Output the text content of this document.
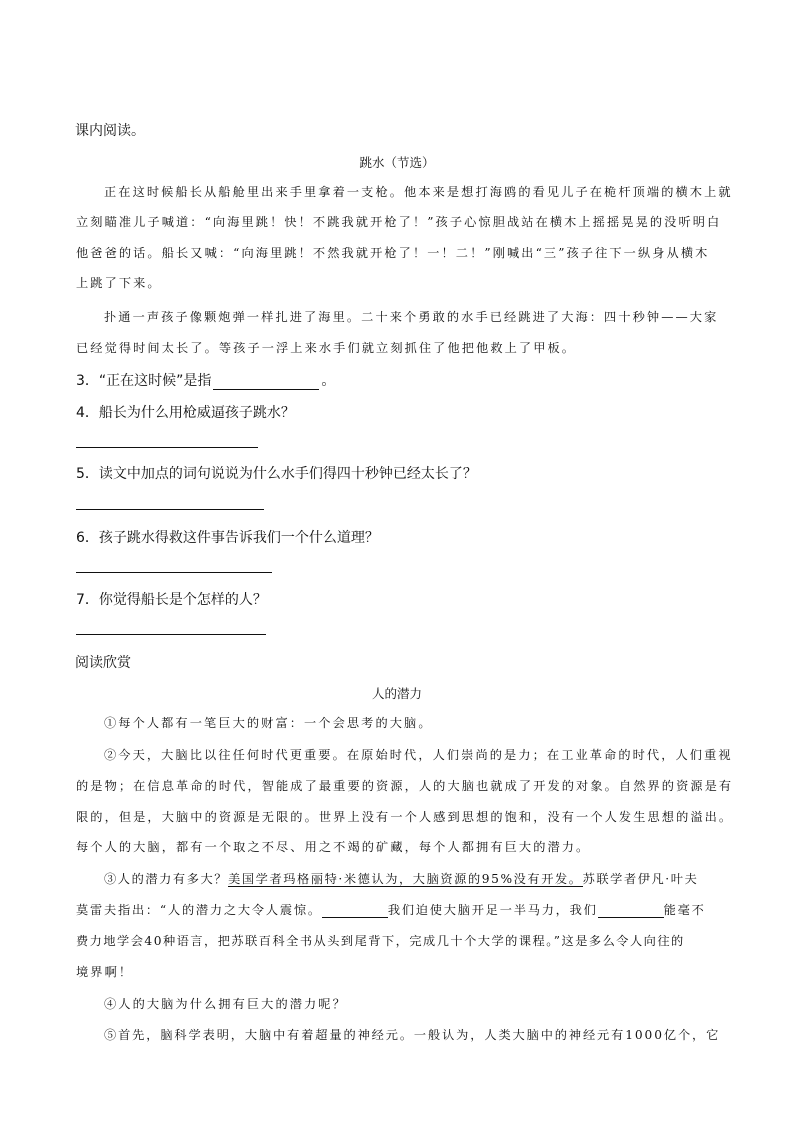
课内阅读。
跳水（节选）
正在这时候船长从船舱里出来手里拿着一支枪。他本来是想打海鸥的看见儿子在桅杆顶端的横木上就
立刻瞄准儿子喊道：“向海里跳！快！不跳我就开枪了！”孩子心惊胆战站在横木上摇摇晃晃的没听明白
他爸爸的话。船长又喊：“向海里跳！不然我就开枪了！一！二！”刚喊出“三”孩子往下一纵身从横木
上跳了下来。
扑通一声孩子像颗炮弹一样扎进了海里。二十来个勇敢的水手已经跳进了大海：四十秒钟——大家
已经觉得时间太长了。等孩子一浮上来水手们就立刻抓住了他把他救上了甲板。
3．“正在这时候”是指	。
4．船长为什么用枪威逼孩子跳水？
5．读文中加点的词句说说为什么水手们得四十秒钟已经太长了？
6．孩子跳水得救这件事告诉我们一个什么道理？
7．你觉得船长是个怎样的人？
阅读欣赏
人的潜力
①每个人都有一笔巨大的财富：一个会思考的大脑。
②今天，大脑比以往任何时代更重要。在原始时代，人们崇尚的是力；在工业革命的时代，人们重视
的是物；在信息革命的时代，智能成了最重要的资源，人的大脑也就成了开发的对象。自然界的资源是有
限的，但是，大脑中的资源是无限的。世界上没有一个人感到思想的饱和，没有一个人发生思想的溢出。
每个人的大脑，都有一个取之不尽、用之不竭的矿藏，每个人都拥有巨大的潜力。
③人的潜力有多大？美国学者玛格丽特·米德认为，大脑资源的95%没有开发。苏联学者伊凡·叶夫
莫雷夫指出：“人的潜力之大令人震惊。	我们迫使大脑开足一半马力，我们	能毫不
费力地学会40种语言，把苏联百科全书从头到尾背下，完成几十个大学的课程。”这是多么令人向往的
境界啊！
④人的大脑为什么拥有巨大的潜力呢？
⑤首先，脑科学表明，大脑中有着超量的神经元。一般认为，人类大脑中的神经元有1000亿个，它
